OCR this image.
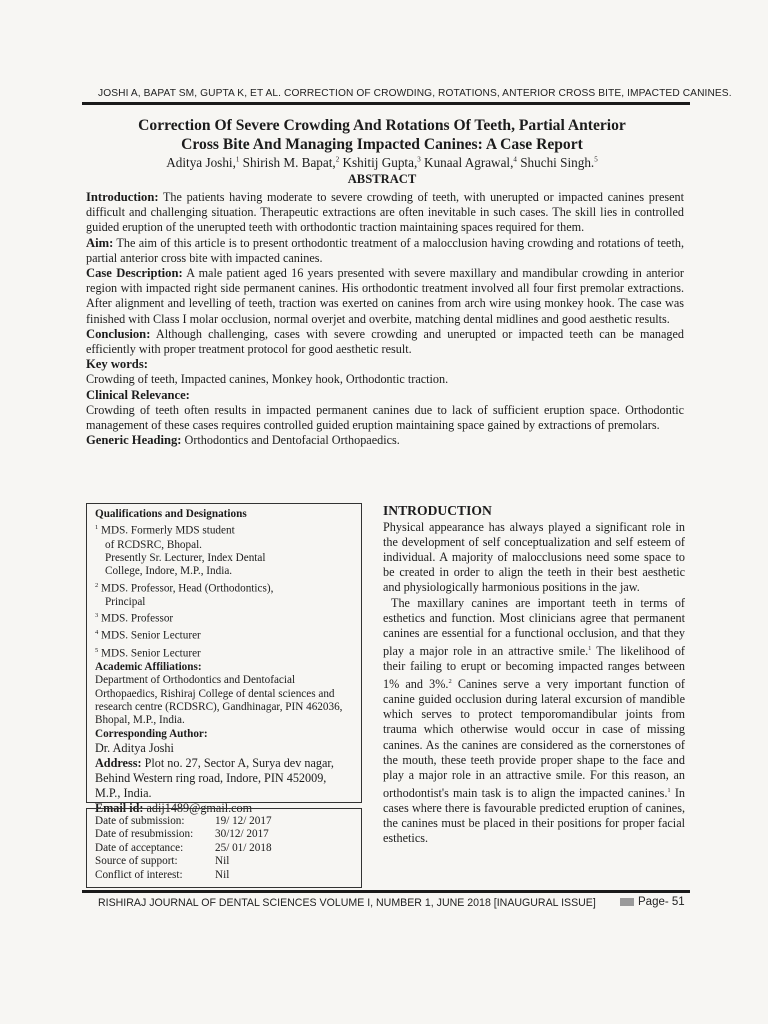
JOSHI A, BAPAT SM, GUPTA K, ET AL. CORRECTION OF CROWDING, ROTATIONS, ANTERIOR CROSS BITE, IMPACTED CANINES.
Correction Of Severe Crowding And Rotations Of Teeth, Partial Anterior
Cross Bite And Managing Impacted Canines: A Case Report
Aditya Joshi,$^1$ Shirish M. Bapat,$^2$ Kshitij Gupta,$^3$ Kunaal Agrawal,$^4$ Shuchi Singh.$^5$
ABSTRACT

Introduction: The patients having moderate to severe crowding of teeth, with unerupted or impacted canines present difficult and challenging situation. Therapeutic extractions are often inevitable in such cases. The skill lies in controlled guided eruption of the unerupted teeth with orthodontic traction maintaining spaces required for them.

Aim: The aim of this article is to present orthodontic treatment of a malocclusion having crowding and rotations of teeth, partial anterior cross bite with impacted canines.

Case Description: A male patient aged 16 years presented with severe maxillary and mandibular crowding in anterior region with impacted right side permanent canines. His orthodontic treatment involved all four first premolar extractions. After alignment and levelling of teeth, traction was exerted on canines from arch wire using monkey hook. The case was finished with Class I molar occlusion, normal overjet and overbite, matching dental midlines and good aesthetic results.

Conclusion: Although challenging, cases with severe crowding and unerupted or impacted teeth can be managed efficiently with proper treatment protocol for good aesthetic result.

Key words:

Crowding of teeth, Impacted canines, Monkey hook, Orthodontic traction.

Clinical Relevance:

Crowding of teeth often results in impacted permanent canines due to lack of sufficient eruption space. Orthodontic management of these cases requires controlled guided eruption maintaining space gained by extractions of premolars.

Generic Heading: Orthodontics and Dentofacial Orthopaedics.

Qualifications and Designations

$^1$ MDS. Formerly MDS student

of RCDSRC, Bhopal.

Presently Sr. Lecturer, Index Dental

College, Indore, M.P., India.

$^2$ MDS. Professor, Head (Orthodontics),

Principal

$^3$ MDS. Professor

$^4$ MDS. Senior Lecturer

$^5$ MDS. Senior Lecturer

Academic Affiliations:

Department of Orthodontics and Dentofacial Orthopaedics, Rishiraj College of dental sciences and research centre (RCDSRC), Gandhinagar, PIN 462036, Bhopal, M.P., India.

Corresponding Author:

Dr. Aditya Joshi

Address: Plot no. 27, Sector A, Surya dev nagar, Behind Western ring road, Indore, PIN 452009, M.P., India.

Email id: adij1489@gmail.com

Date of submission:	19/ 12/ 2017
Date of resubmission:	30/12/ 2017
Date of acceptance:	25/ 01/ 2018
Source of support:	Nil
Conflict of interest:	Nil

INTRODUCTION

Physical appearance has always played a significant role in the development of self conceptualization and self esteem of individual. A majority of malocclusions need some space to be created in order to align the teeth in their best aesthetic and physiologically harmonious positions in the jaw.

The maxillary canines are important teeth in terms of esthetics and function. Most clinicians agree that permanent canines are essential for a functional occlusion, and that they play a major role in an attractive smile.$^1$ The likelihood of their failing to erupt or becoming impacted ranges between 1% and 3%.$^2$ Canines serve a very important function of canine guided occlusion during lateral excursion of mandible which serves to protect temporomandibular joints from trauma which otherwise would occur in case of missing canines. As the canines are considered as the cornerstones of the mouth, these teeth provide proper shape to the face and play a major role in an attractive smile. For this reason, an orthodontist's main task is to align the impacted canines.$^1$ In cases where there is favourable predicted eruption of canines, the canines must be placed in their positions for proper facial esthetics.

RISHIRAJ JOURNAL OF DENTAL SCIENCES VOLUME I, NUMBER 1, JUNE 2018 [INAUGURAL ISSUE]	Page- 51
